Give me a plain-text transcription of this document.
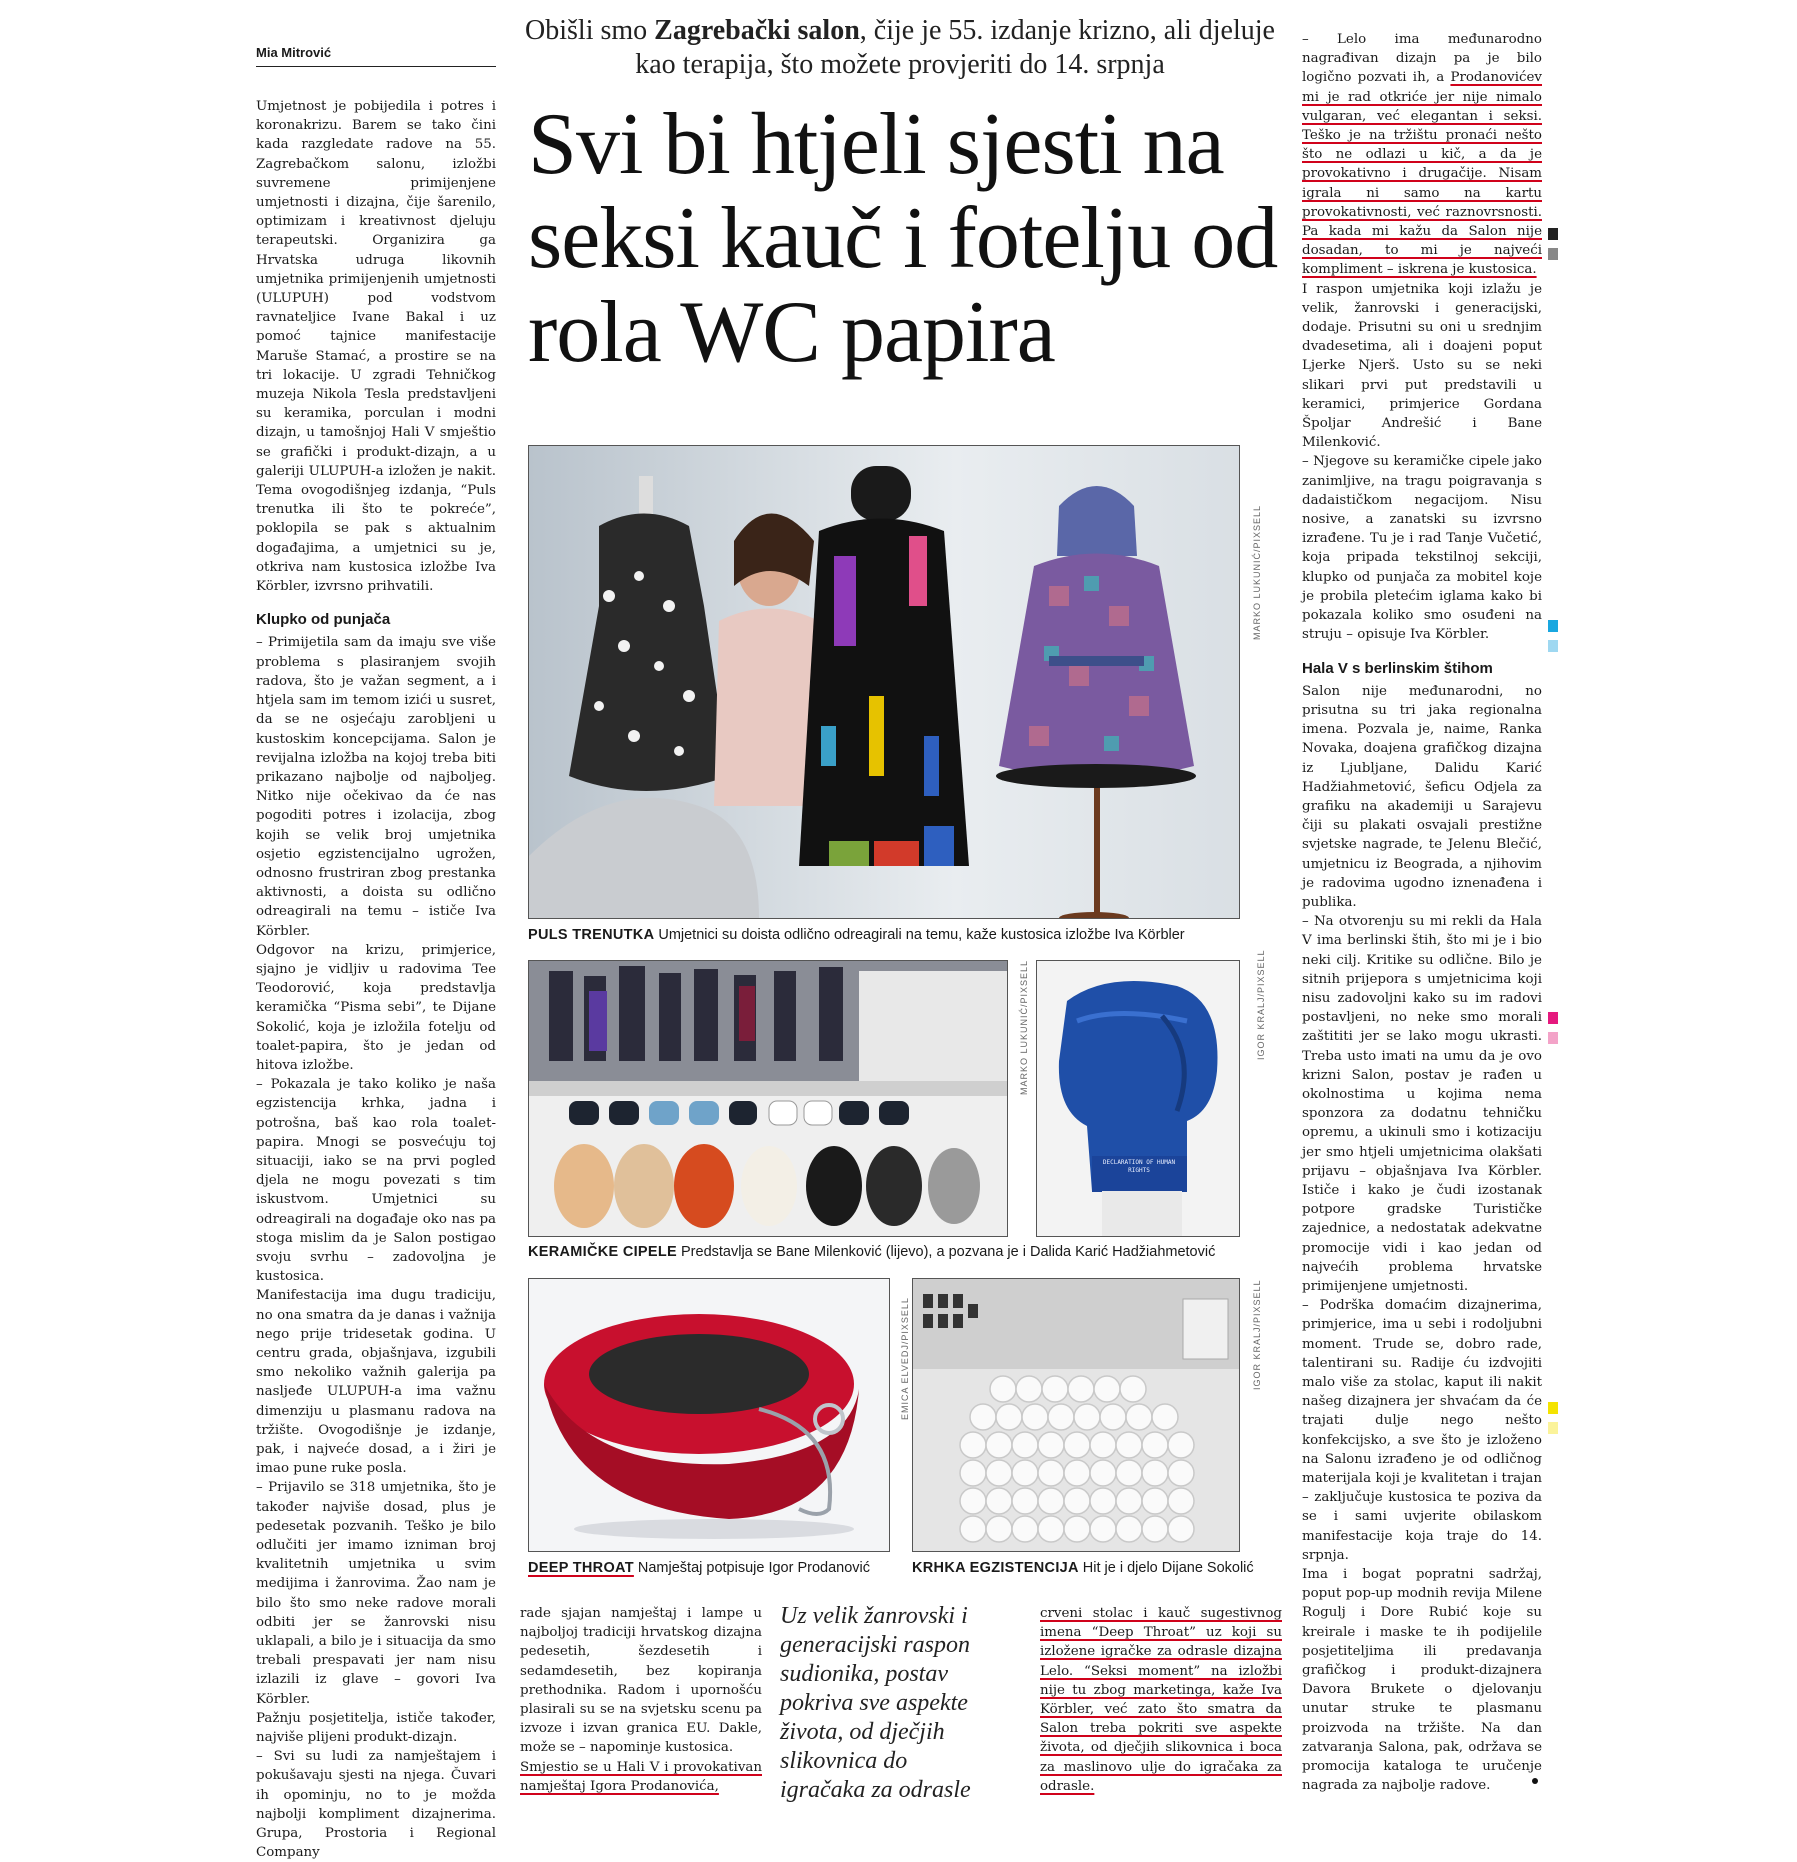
Mia Mitrović

Umjetnost je pobijedila i potres i koronakrizu. Barem se tako čini kada razgledate radove na 55. Zagrebačkom salonu, izložbi suvremene primijenjene umjetnosti i dizajna, čije šarenilo, optimizam i kreativnost djeluju terapeutski. Organizira ga Hrvatska udruga likovnih umjetnika primijenjenih umjetnosti (ULUPUH) pod vodstvom ravnateljice Ivane Bakal i uz pomoć tajnice manifestacije Maruše Stamać, a prostire se na tri lokacije. U zgradi Tehničkog muzeja Nikola Tesla predstavljeni su keramika, porculan i modni dizajn, u tamošnjoj Hali V smještio se grafički i produkt-dizajn, a u galeriji ULUPUH-a izložen je nakit. Tema ovogodišnjeg izdanja, “Puls trenutka ili što te pokreće”, poklopila se pak s aktualnim događajima, a umjetnici su je, otkriva nam kustosica izložbe Iva Körbler, izvrsno prihvatili.

Klupko od punjača

– Primijetila sam da imaju sve više problema s plasiranjem svojih radova, što je važan segment, a i htjela sam im temom izići u susret, da se ne osjećaju zarobljeni u kustoskim koncepcijama. Salon je revijalna izložba na kojoj treba biti prikazano najbolje od najboljeg. Nitko nije očekivao da će nas pogoditi potres i izolacija, zbog kojih se velik broj umjetnika osjetio egzistencijalno ugrožen, odnosno frustriran zbog prestanka aktivnosti, a doista su odlično odreagirali na temu – ističe Iva Körbler.

Odgovor na krizu, primjerice, sjajno je vidljiv u radovima Tee Teodorović, koja predstavlja keramička “Pisma sebi”, te Dijane Sokolić, koja je izložila fotelju od toalet-papira, što je jedan od hitova izložbe.

– Pokazala je tako koliko je naša egzistencija krhka, jadna i potrošna, baš kao rola toalet-papira. Mnogi se posvećuju toj situaciji, iako se na prvi pogled djela ne mogu povezati s tim iskustvom. Umjetnici su odreagirali na događaje oko nas pa stoga mislim da je Salon postigao svoju svrhu – zadovoljna je kustosica.

Manifestacija ima dugu tradiciju, no ona smatra da je danas i važnija nego prije tridesetak godina. U centru grada, objašnjava, izgubili smo nekoliko važnih galerija pa nasljeđe ULUPUH-a ima važnu dimenziju u plasmanu radova na tržište. Ovogodišnje je izdanje, pak, i najveće dosad, a i žiri je imao pune ruke posla.

– Prijavilo se 318 umjetnika, što je također najviše dosad, plus je pedesetak pozvanih. Teško je bilo odlučiti jer imamo izniman broj kvalitetnih umjetnika u svim medijima i žanrovima. Žao nam je bilo što smo neke radove morali odbiti jer se žanrovski nisu uklapali, a bilo je i situacija da smo trebali prespavati jer nam nisu izlazili iz glave – govori Iva Körbler.

Pažnju posjetitelja, ističe također, najviše plijeni produkt-dizajn.

– Svi su ludi za namještajem i pokušavaju sjesti na njega. Čuvari ih opominju, no to je možda najbolji kompliment dizajnerima. Grupa, Prostoria i Regional Company

Obišli smo Zagrebački salon, čije je 55. izdanje krizno, ali djeluje kao terapija, što možete provjeriti do 14. srpnja
Svi bi htjeli sjesti na seksi kauč i fotelju od rola WC papira
MARKO LUKUNIĆ/PIXSELL
PULS TRENUTKA Umjetnici su doista odlično odreagirali na temu, kaže kustosica izložbe Iva Körbler
MARKO LUKUNIĆ/PIXSELL
DECLARATION OF HUMAN RIGHTS
IGOR KRALJ/PIXSELL
KERAMIČKE CIPELE Predstavlja se Bane Milenković (lijevo), a pozvana je i Dalida Karić Hadžiahmetović
EMICA ELVEDJ/PIXSELL	IGOR KRALJ/PIXSELL
DEEP THROAT Namještaj potpisuje Igor Prodanović	KRHKA EGZISTENCIJA Hit je i djelo Dijane Sokolić

rade sjajan namještaj i lampe u najboljoj tradiciji hrvatskog dizajna pedesetih, šezdesetih i sedamdesetih, bez kopiranja prethodnika. Radom i upornošću plasirali su se na svjetsku scenu pa izvoze i izvan granica EU. Dakle, može se – napominje kustosica.

Smjestio se u Hali V i provokativan namještaj Igora Prodanovića,

Uz velik žanrovski i generacijski raspon sudionika, postav pokriva sve aspekte života, od dječjih slikovnica do igračaka za odrasle

crveni stolac i kauč sugestivnog imena “Deep Throat” uz koji su izložene igračke za odrasle dizajna Lelo. “Seksi moment” na izložbi nije tu zbog marketinga, kaže Iva Körbler, već zato što smatra da Salon treba pokriti sve aspekte života, od dječjih slikovnica i boca za maslinovo ulje do igračaka za odrasle.

– Lelo ima međunarodno nagrađivan dizajn pa je bilo logično pozvati ih, a Prodanovićev mi je rad otkriće jer nije nimalo vulgaran, već elegantan i seksi. Teško je na tržištu pronaći nešto što ne odlazi u kič, a da je provokativno i drugačije. Nisam igrala ni samo na kartu provokativnosti, već raznovrsnosti. Pa kada mi kažu da Salon nije dosadan, to mi je najveći kompliment – iskrena je kustosica.

I raspon umjetnika koji izlažu je velik, žanrovski i generacijski, dodaje. Prisutni su oni u srednjim dvadesetima, ali i doajeni poput Ljerke Njerš. Usto su se neki slikari prvi put predstavili u keramici, primjerice Gordana Špoljar Andrešić i Bane Milenković.

– Njegove su keramičke cipele jako zanimljive, na tragu poigravanja s dadaističkom negacijom. Nisu nosive, a zanatski su izvrsno izrađene. Tu je i rad Tanje Vučetić, koja pripada tekstilnoj sekciji, klupko od punjača za mobitel koje je probila pletećim iglama kako bi pokazala koliko smo osuđeni na struju – opisuje Iva Körbler.

Hala V s berlinskim štihom

Salon nije međunarodni, no prisutna su tri jaka regionalna imena. Pozvala je, naime, Ranka Novaka, doajena grafičkog dizajna iz Ljubljane, Dalidu Karić Hadžiahmetović, šeficu Odjela za grafiku na akademiji u Sarajevu čiji su plakati osvajali prestižne svjetske nagrade, te Jelenu Blečić, umjetnicu iz Beograda, a njihovim je radovima ugodno iznenađena i publika.

– Na otvorenju su mi rekli da Hala V ima berlinski štih, što mi je i bio neki cilj. Kritike su odlične. Bilo je sitnih prijepora s umjetnicima koji nisu zadovoljni kako su im radovi postavljeni, no neke smo morali zaštititi jer se lako mogu ukrasti. Treba usto imati na umu da je ovo krizni Salon, postav je rađen u okolnostima u kojima nema sponzora za dodatnu tehničku opremu, a ukinuli smo i kotizaciju jer smo htjeli umjetnicima olakšati prijavu – objašnjava Iva Körbler. Ističe i kako je čudi izostanak potpore gradske Turističke zajednice, a nedostatak adekvatne promocije vidi i kao jedan od najvećih problema hrvatske primijenjene umjetnosti.

– Podrška domaćim dizajnerima, primjerice, ima u sebi i rodoljubni moment. Trude se, dobro rade, talentirani su. Radije ću izdvojiti malo više za stolac, kaput ili nakit našeg dizajnera jer shvaćam da će trajati dulje nego nešto konfekcijsko, a sve što je izloženo na Salonu izrađeno je od odličnog materijala koji je kvalitetan i trajan – zaključuje kustosica te poziva da se i sami uvjerite obilaskom manifestacije koja traje do 14. srpnja.

Ima i bogat popratni sadržaj, poput pop-up modnih revija Milene Rogulj i Dore Rubić koje su kreirale i maske te ih podijelile posjetiteljima ili predavanja grafičkog i produkt-dizajnera Davora Brukete o djelovanju unutar struke te plasmanu proizvoda na tržište. Na dan zatvaranja Salona, pak, održava se promocija kataloga te uručenje nagrada za najbolje radove.
